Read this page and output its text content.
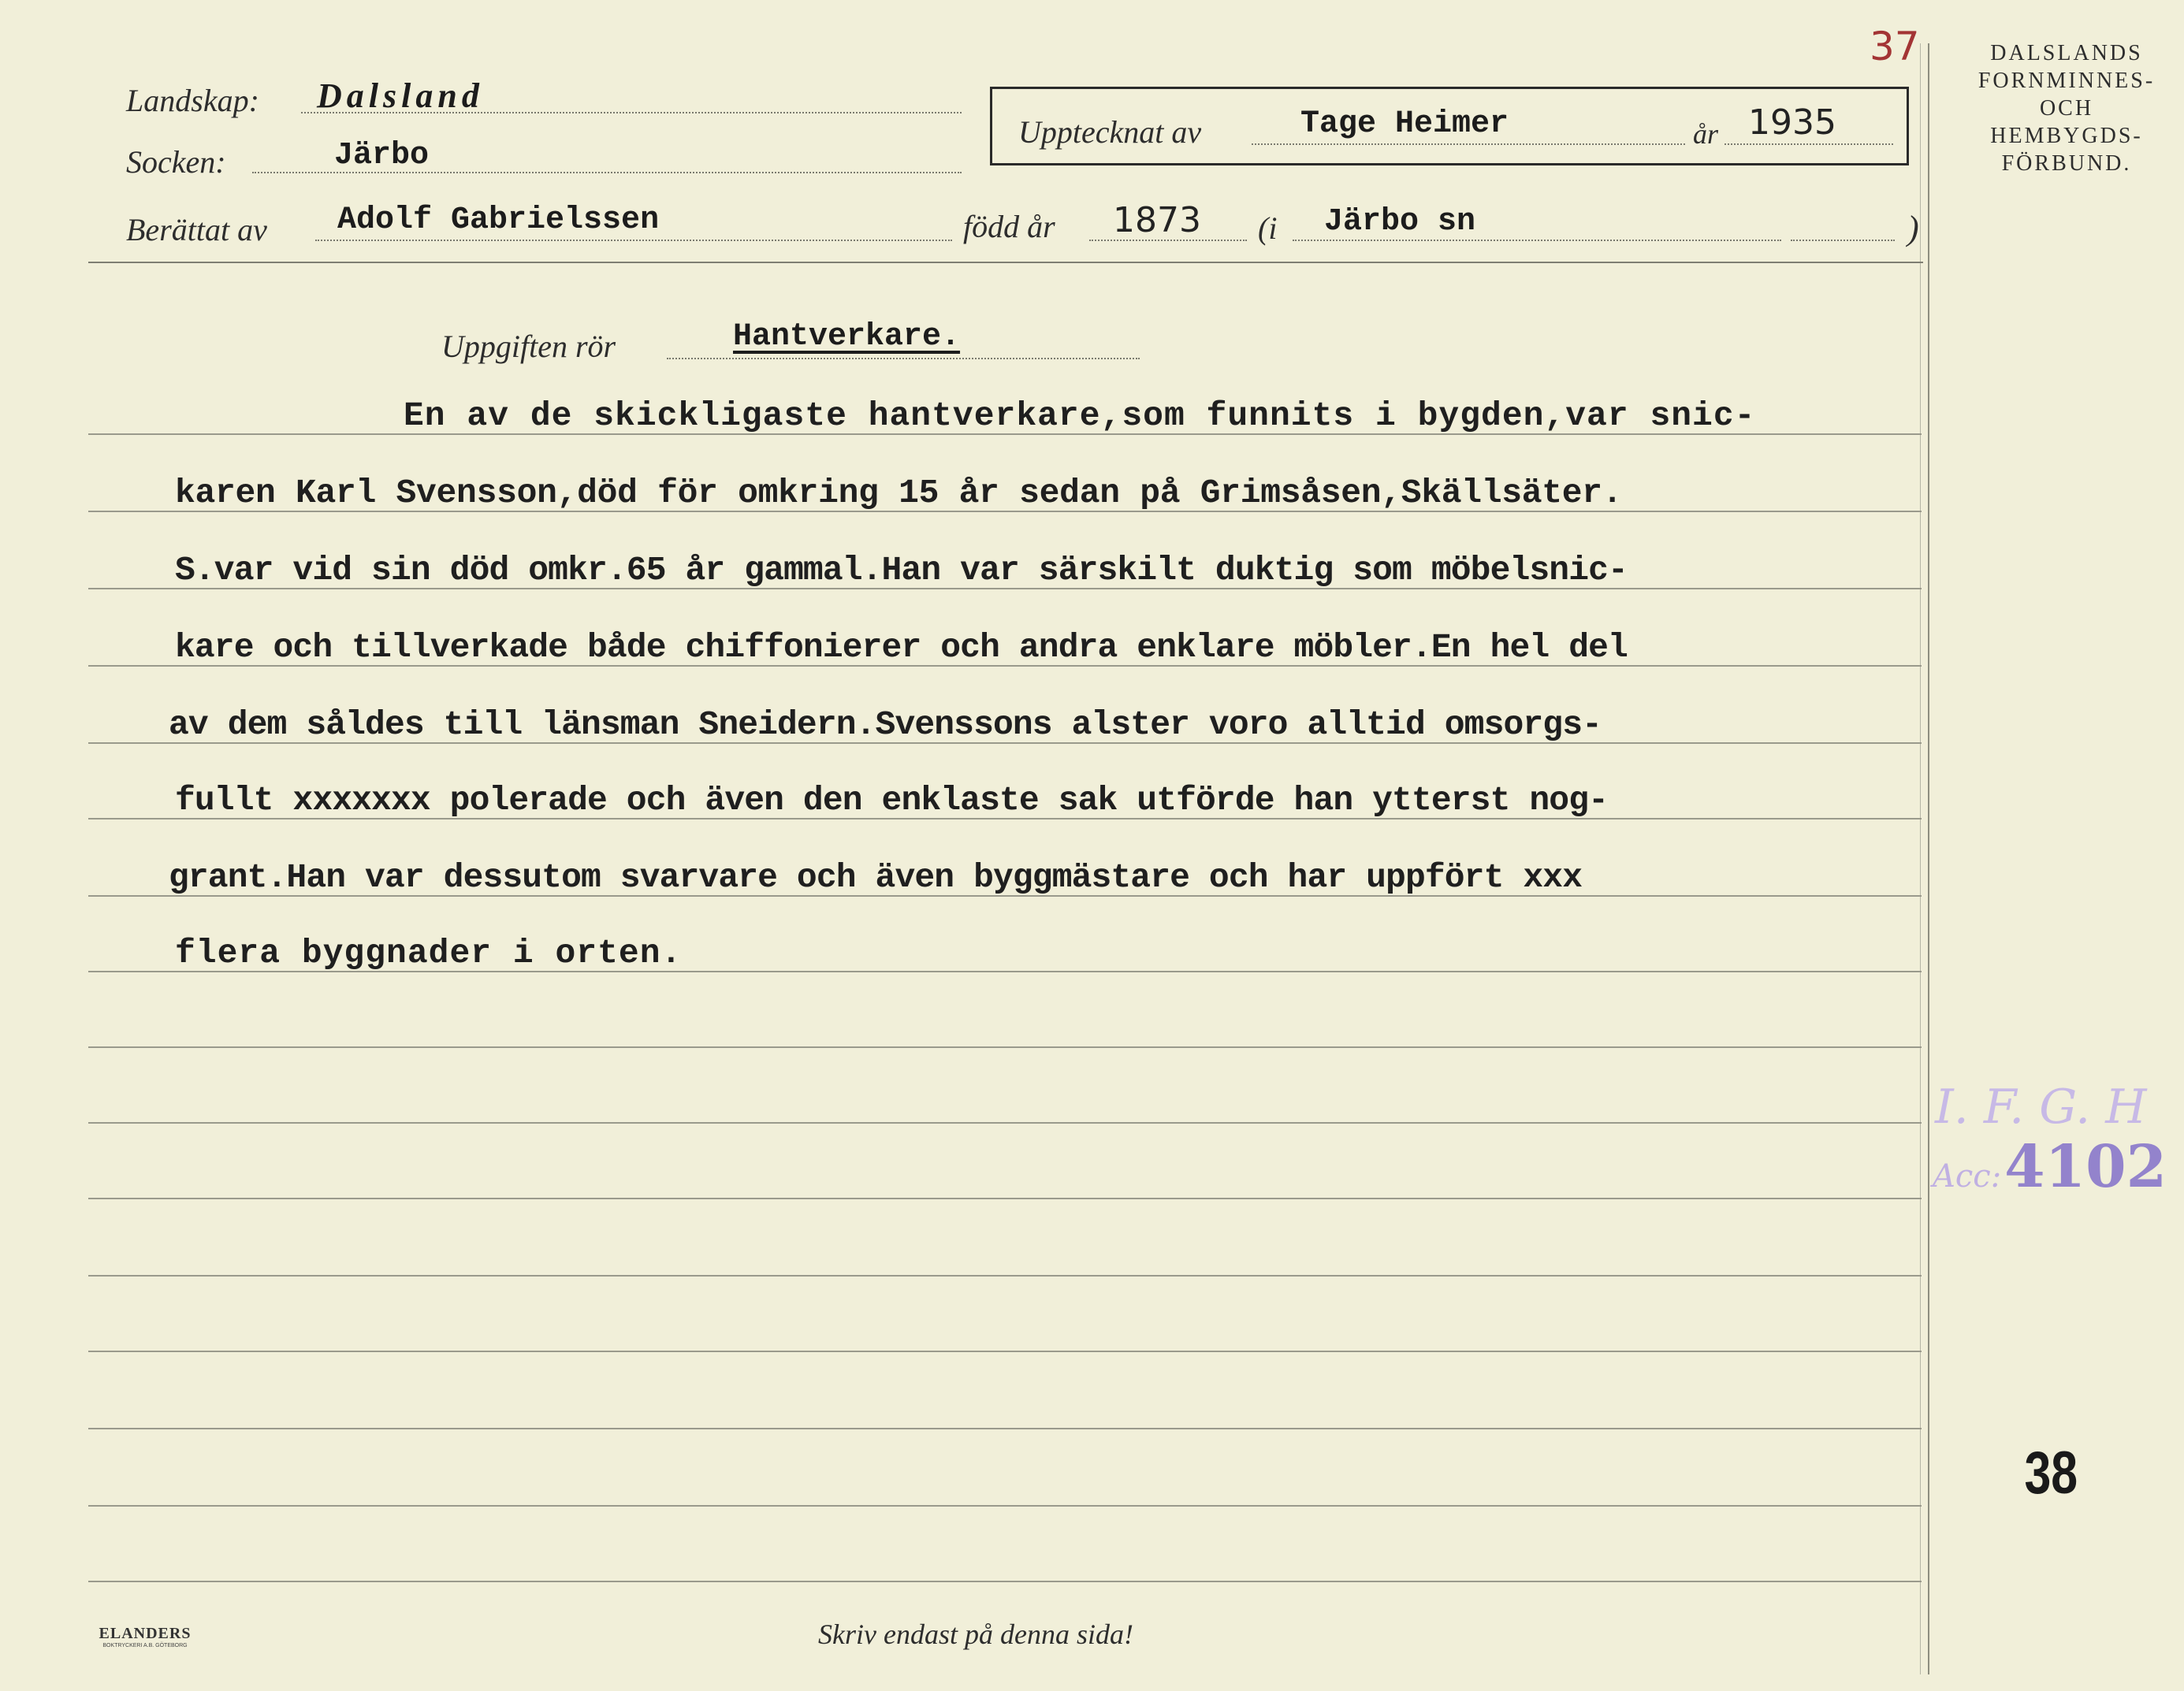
37	DALSLANDS
FORNMINNES-
OCH
HEMBYGDS-
FÖRBUND.
I. F. G. H
Acc: 4102
38
Landskap: Dalsland
Upptecknat av	Tage Heimer	år 1935
Socken:	Järbo
Berättat av Adolf Gabrielssen	född år 1873 (i Järbo sn	)
Uppgiften rör	Hantverkare.
En av de skickligaste hantverkare,som funnits i bygden,var snic-
karen Karl Svensson,död för omkring 15 år sedan på Grimsåsen,Skällsäter.
S.var vid sin död omkr.65 år gammal.Han var särskilt duktig som möbelsnic-
kare och tillverkade både chiffonierer och andra enklare möbler.En hel del
av dem såldes till länsman Sneidern.Svenssons alster voro alltid omsorgs-
fullt xxxxxxx polerade och även den enklaste sak utförde han ytterst nog-
grant.Han var dessutom svarvare och även byggmästare och har uppfört xxx
flera byggnader i orten.
ELANDERS
BOKTRYCKERI A.B. GÖTEBORG	Skriv endast på denna sida!
